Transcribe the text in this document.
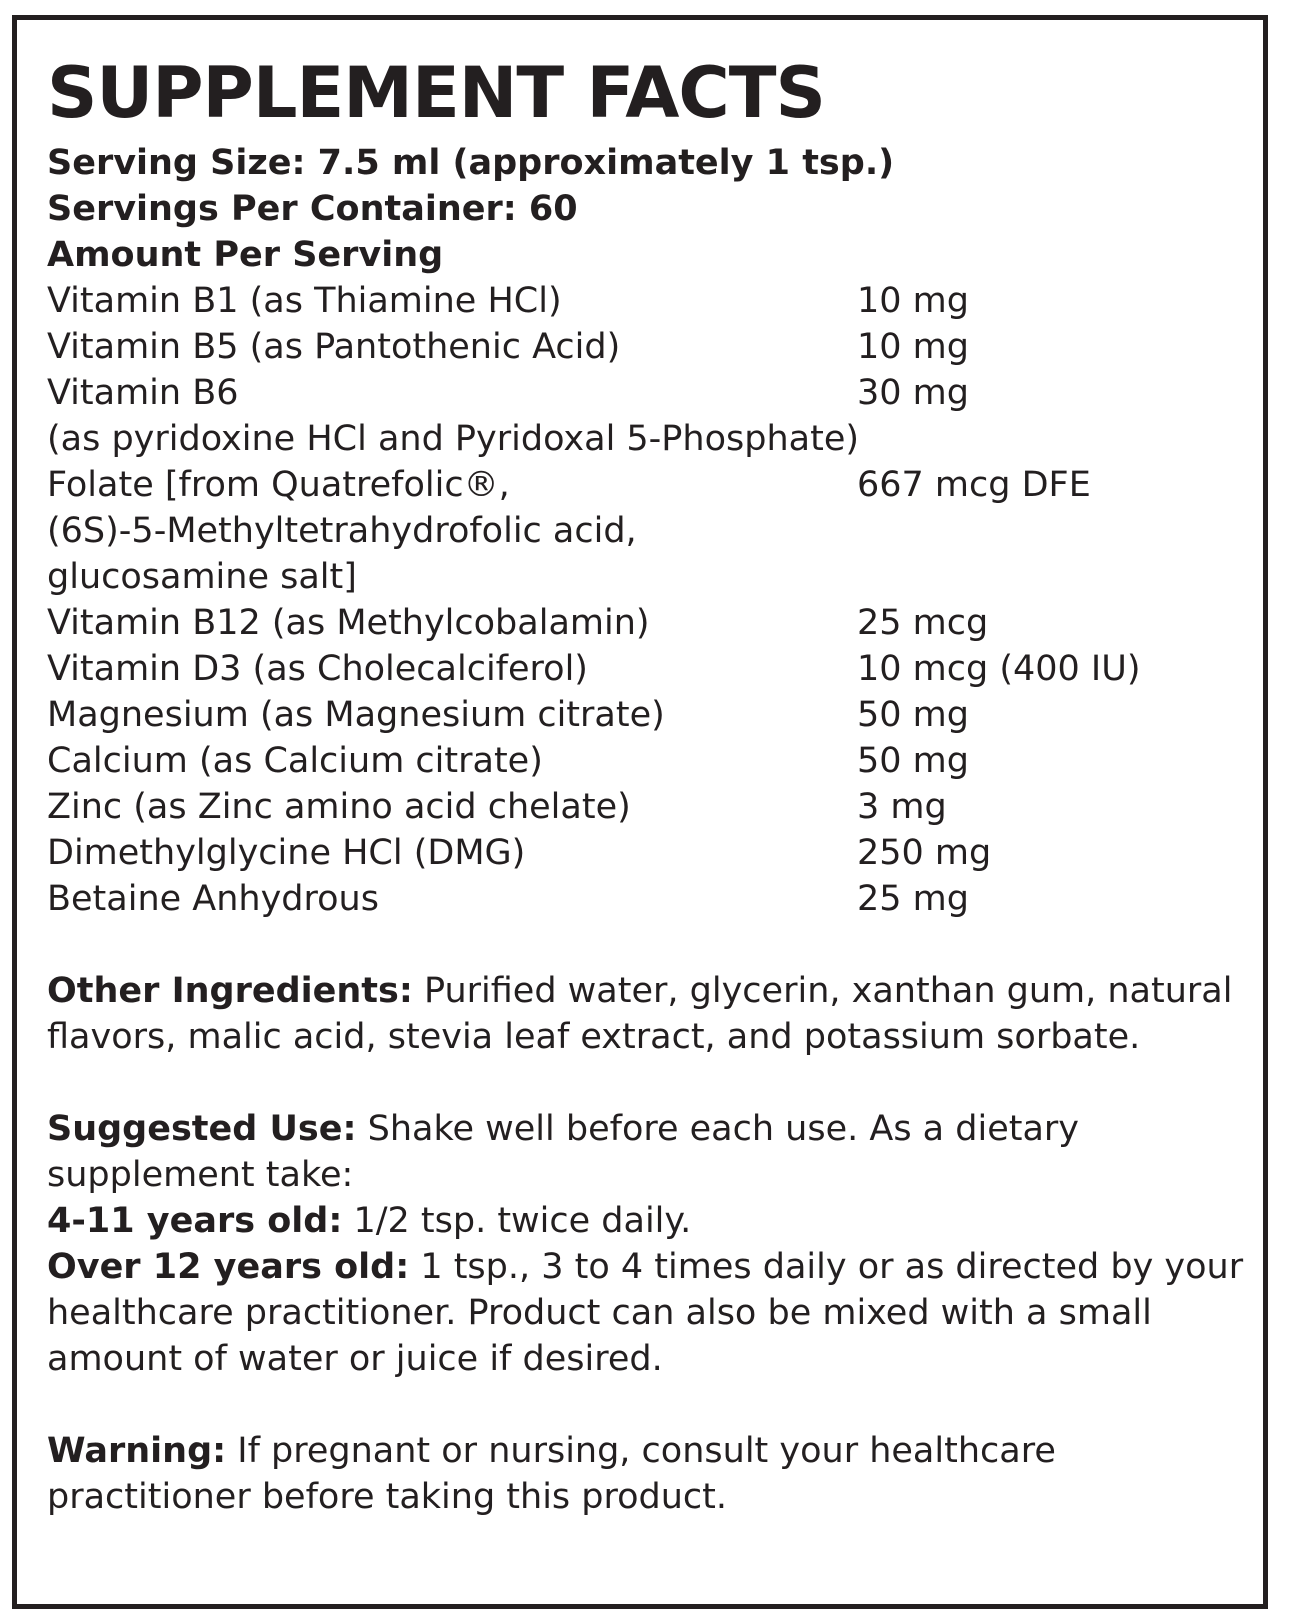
SUPPLEMENT FACTS
Serving Size: 7.5 ml (approximately 1 tsp.)
Servings Per Container: 60
Amount Per Serving
Vitamin B1 (as Thiamine HCl)	10 mg
Vitamin B5 (as Pantothenic Acid)	10 mg
Vitamin B6
(as pyridoxine HCl and Pyridoxal 5-Phosphate)
30 mg
Folate [from Quatrefolic®,
(6S)-5-Methyltetrahydrofolic acid,
glucosamine salt]
667 mcg DFE
Vitamin B12 (as Methylcobalamin)	25 mcg
Vitamin D3 (as Cholecalciferol)	10 mcg (400 IU)
Magnesium (as Magnesium citrate)	50 mg
Calcium (as Calcium citrate)	50 mg
Zinc (as Zinc amino acid chelate)	3 mg
Dimethylglycine HCl (DMG)	250 mg
Betaine Anhydrous	25 mg
Other Ingredients: Purified water, glycerin, xanthan gum, natural flavors, malic acid, stevia leaf extract, and potassium sorbate.
Suggested Use: Shake well before each use. As a dietary supplement take:
4-11 years old: 1/2 tsp. twice daily.
Over 12 years old: 1 tsp., 3 to 4 times daily or as directed by your healthcare practitioner. Product can also be mixed with a small amount of water or juice if desired.
Warning: If pregnant or nursing, consult your healthcare practitioner before taking this product.
